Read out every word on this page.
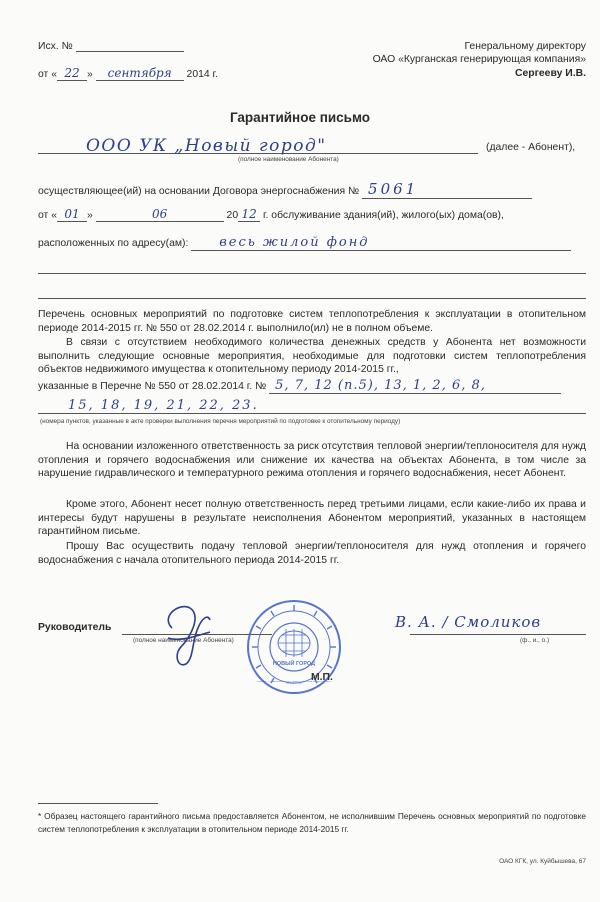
Исх. №
от « 22 » сентября 2014 г.
Генеральному директору
ОАО «Курганская генерирующая компания»
Сергееву И.В.
Гарантийное письмо
ООО УК „Новый город"	(далее - Абонент),
(полное наименование Абонента)
осуществляющее(ий) на основании Договора энергоснабжения № 5061
от « 01 »	06	20 12 г. обслуживание здания(ий), жилого(ых) дома(ов),
расположенных по адресу(ам): весь жилой фонд
Перечень основных мероприятий по подготовке систем теплопотребления к эксплуатации в отопительном периоде 2014-2015 гг. № 550 от 28.02.2014 г. выполнило(ил) не в полном объеме.
В связи с отсутствием необходимого количества денежных средств у Абонента нет возможности выполнить следующие основные мероприятия, необходимые для подготовки систем теплопотребления объектов недвижимого имущества к отопительному периоду 2014-2015 гг.,
указанные в Перечне № 550 от 28.02.2014 г. № 5, 7, 12 (п.5), 13, 1, 2, 6, 8,
15, 18, 19, 21, 22, 23.
(номера пунктов, указанные в акте проверки выполнения перечня мероприятий по подготовке к отопительному периоду)
На основании изложенного ответственность за риск отсутствия тепловой энергии/теплоносителя для нужд отопления и горячего водоснабжения или снижение их качества на объектах Абонента, в том числе за нарушение гидравлического и температурного режима отопления и горячего водоснабжения, несет Абонент.
Кроме этого, Абонент несет полную ответственность перед третьими лицами, если какие-либо их права и интересы будут нарушены в результате неисполнения Абонентом мероприятий, указанных в настоящем гарантийном письме.
Прошу Вас осуществить подачу тепловой энергии/теплоносителя для нужд отопления и горячего водоснабжения с начала отопительного периода 2014-2015 гг.
Руководитель
(полное наименование Абонента)	(ф., и., о.)
В. А. / Смоликов
НОВЫЙ ГОРОД
ОБЩЕСТВО С ОГРАНИЧЕННОЙ ОТВЕТСТВЕННОСТЬЮ «УПРАВЛЯЮЩАЯ КОМПАНИЯ «НОВЫЙ ГОРОД»
М.П.
* Образец настоящего гарантийного письма предоставляется Абонентом, не исполнившим Перечень основных мероприятий по подготовке систем теплопотребления к эксплуатации в отопительном периоде 2014-2015 гг.
ОАО КГК, ул. Куйбышева, 67
